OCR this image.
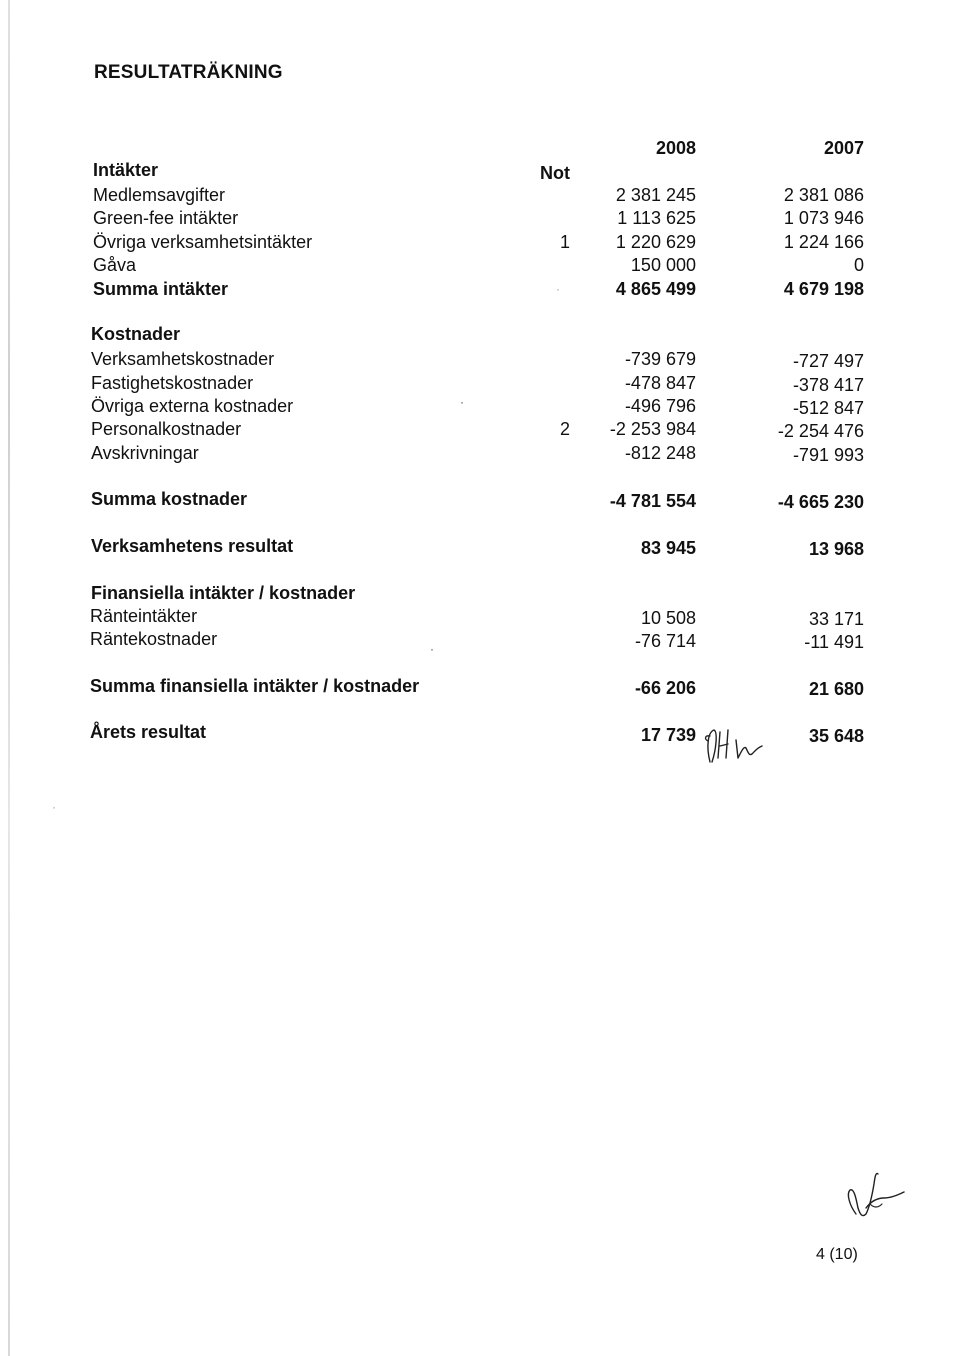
RESULTATRÄKNING
2008	2007
Intäkter	Not
Medlemsavgifter	2 381 245	2 381 086
Green-fee intäkter	1 113 625	1 073 946
Övriga verksamhetsintäkter	1	1 220 629	1 224 166
Gåva	150 000	0
Summa intäkter	4 865 499	4 679 198
Kostnader
Verksamhetskostnader	-739 679	-727 497
Fastighetskostnader	-478 847	-378 417
Övriga externa kostnader	-496 796	-512 847
Personalkostnader	2	-2 253 984	-2 254 476
Avskrivningar	-812 248	-791 993
Summa kostnader	-4 781 554	-4 665 230
Verksamhetens resultat	83 945	13 968
Finansiella intäkter / kostnader
Ränteintäkter	10 508	33 171
Räntekostnader	-76 714	-11 491
Summa finansiella intäkter / kostnader	-66 206	21 680
Årets resultat	17 739	35 648
4 (10)
·
·
·
·
